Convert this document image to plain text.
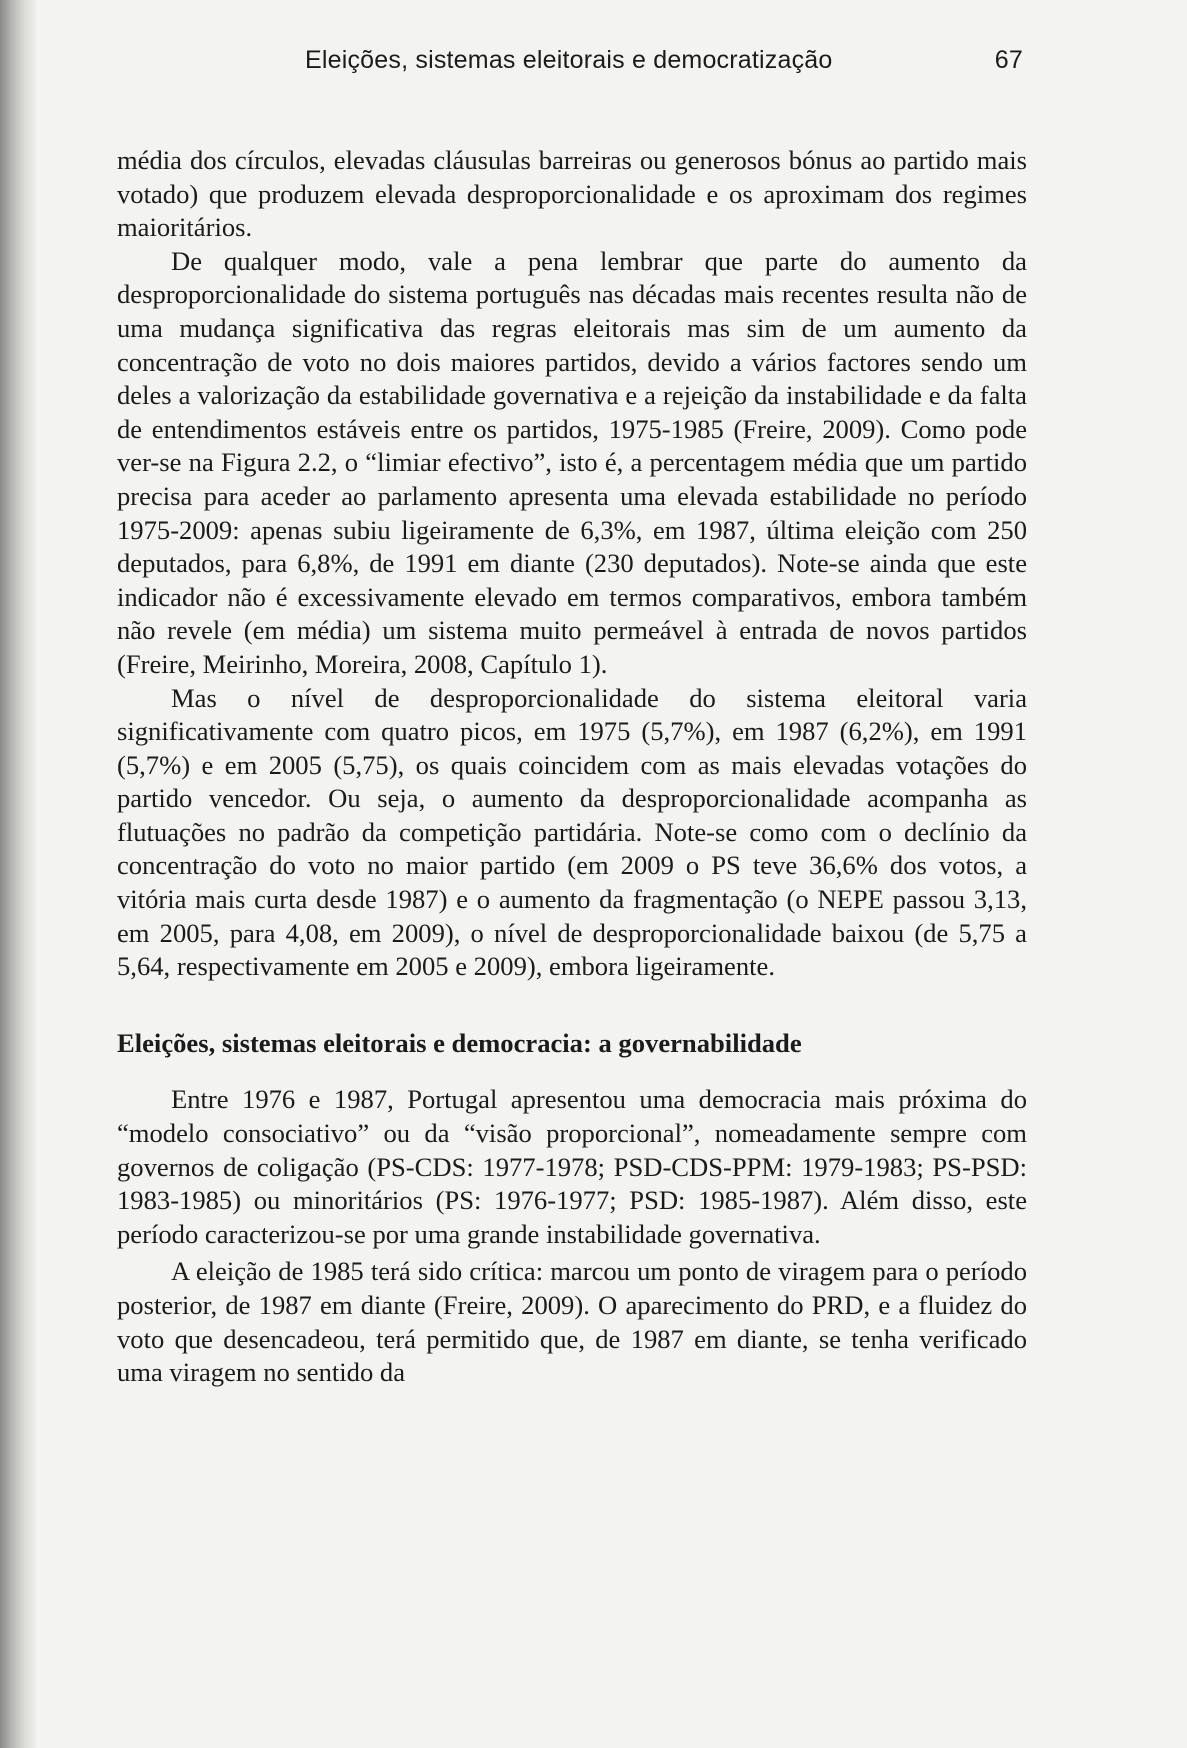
Eleições, sistemas eleitorais e democratização	67

média dos círculos, elevadas cláusulas barreiras ou generosos bónus ao partido mais votado) que produzem elevada desproporcionalidade e os aproximam dos regimes maioritários.

De qualquer modo, vale a pena lembrar que parte do aumento da desproporcionalidade do sistema português nas décadas mais recentes resulta não de uma mudança significativa das regras eleitorais mas sim de um aumento da concentração de voto no dois maiores partidos, devido a vários factores sendo um deles a valorização da estabilidade governativa e a rejeição da instabilidade e da falta de entendimentos estáveis entre os partidos, 1975-1985 (Freire, 2009). Como pode ver-se na Figura 2.2, o “limiar efectivo”, isto é, a percentagem média que um partido precisa para aceder ao parlamento apresenta uma elevada estabilidade no período 1975-2009: apenas subiu ligeiramente de 6,3%, em 1987, última eleição com 250 deputados, para 6,8%, de 1991 em diante (230 deputados). Note-se ainda que este indicador não é excessivamente elevado em termos comparativos, embora também não revele (em média) um sistema muito permeável à entrada de novos partidos (Freire, Meirinho, Moreira, 2008, Capítulo 1).

Mas o nível de desproporcionalidade do sistema eleitoral varia significativamente com quatro picos, em 1975 (5,7%), em 1987 (6,2%), em 1991 (5,7%) e em 2005 (5,75), os quais coincidem com as mais elevadas votações do partido vencedor. Ou seja, o aumento da desproporcionalidade acompanha as flutuações no padrão da competição partidária. Note-se como com o declínio da concentração do voto no maior partido (em 2009 o PS teve 36,6% dos votos, a vitória mais curta desde 1987) e o aumento da fragmentação (o NEPE passou 3,13, em 2005, para 4,08, em 2009), o nível de desproporcionalidade baixou (de 5,75 a 5,64, respectivamente em 2005 e 2009), embora ligeiramente.

Eleições, sistemas eleitorais e democracia: a governabilidade

Entre 1976 e 1987, Portugal apresentou uma democracia mais próxima do “modelo consociativo” ou da “visão proporcional”, nomeadamente sempre com governos de coligação (PS-CDS: 1977-1978; PSD-CDS-PPM: 1979-1983; PS-PSD: 1983-1985) ou minoritários (PS: 1976-1977; PSD: 1985-1987). Além disso, este período caracterizou-se por uma grande instabilidade governativa.

A eleição de 1985 terá sido crítica: marcou um ponto de viragem para o período posterior, de 1987 em diante (Freire, 2009). O aparecimento do PRD, e a fluidez do voto que desencadeou, terá permitido que, de 1987 em diante, se tenha verificado uma viragem no sentido da
